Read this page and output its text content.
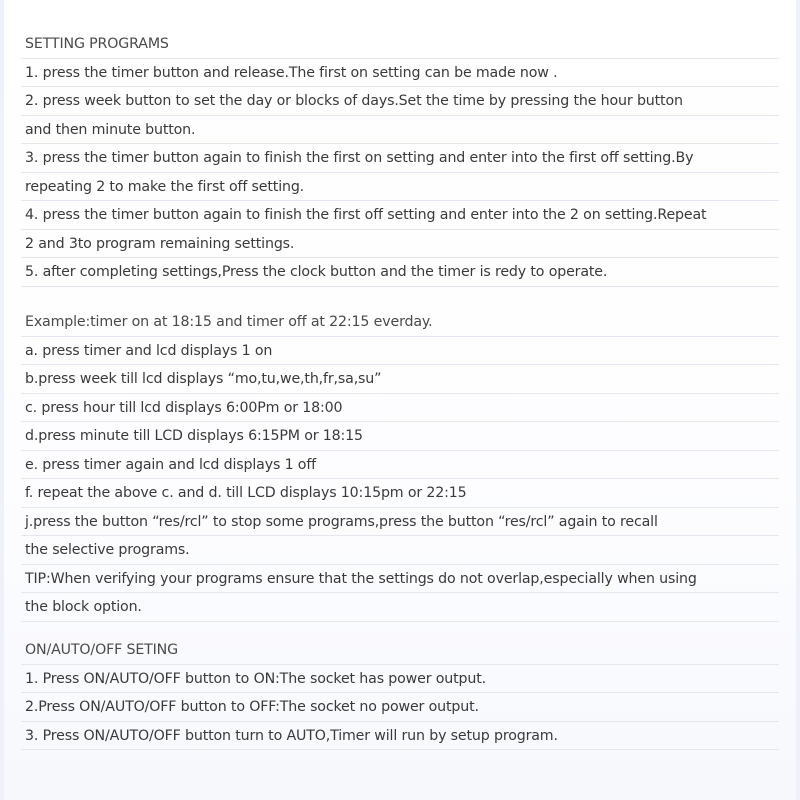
SETTING PROGRAMS
1. press the timer button and release.The first on setting can be made now .
2. press week button to set the day or blocks of days.Set the time by pressing the hour button
and then minute button.
3. press the timer button again to finish the first on setting and enter into the first off setting.By
repeating 2 to make the first off setting.
4. press the timer button again to finish the first off setting and enter into the 2 on setting.Repeat
2 and 3to program remaining settings.
5. after completing settings,Press the clock button and the timer is redy to operate.
Example:timer on at 18:15 and timer off at 22:15 everday.
a. press timer and lcd displays 1 on
b.press week till lcd displays “mo,tu,we,th,fr,sa,su”
c. press hour till lcd displays 6:00Pm or 18:00
d.press minute till LCD displays 6:15PM or 18:15
e. press timer again and lcd displays 1 off
f. repeat the above c. and d. till LCD displays 10:15pm or 22:15
j.press the button “res/rcl” to stop some programs,press the button “res/rcl” again to recall
the selective programs.
TIP:When verifying your programs ensure that the settings do not overlap,especially when using
the block option.
ON/AUTO/OFF SETING
1. Press ON/AUTO/OFF button to ON:The socket has power output.
2.Press ON/AUTO/OFF button to OFF:The socket no power output.
3. Press ON/AUTO/OFF button turn to AUTO,Timer will run by setup program.
